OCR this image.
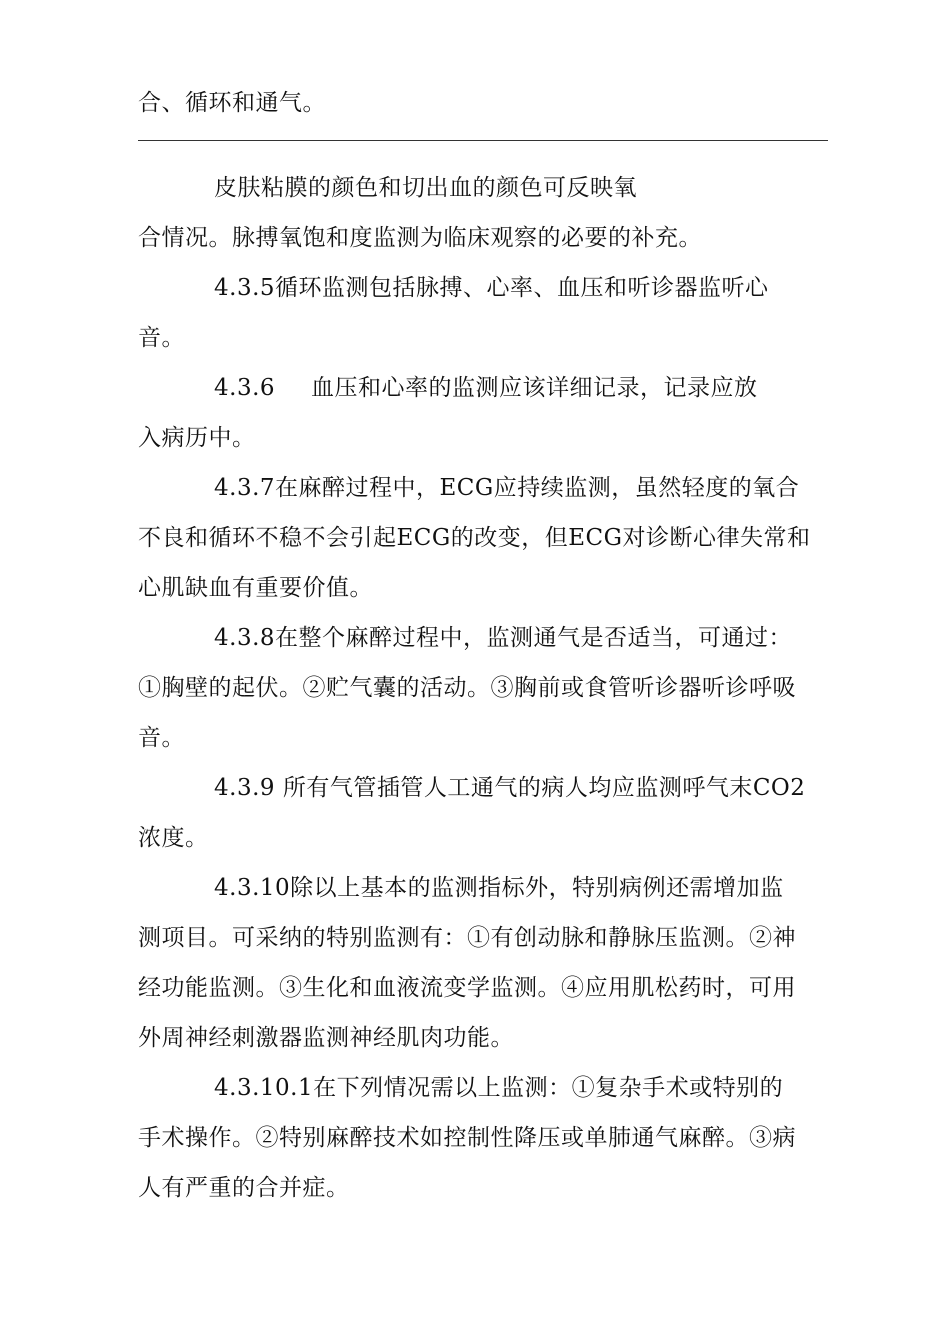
合、循环和通气。
皮肤粘膜的颜色和切出血的颜色可反映氧
合情况。脉搏氧饱和度监测为临床观察的必要的补充。
4.3.5循环监测包括脉搏、心率、血压和听诊器监听心
音。
4.3.6 血压和心率的监测应该详细记录，记录应放
入病历中。
4.3.7在麻醉过程中，ECG应持续监测，虽然轻度的氧合
不良和循环不稳不会引起ECG的改变，但ECG对诊断心律失常和
心肌缺血有重要价值。
4.3.8在整个麻醉过程中，监测通气是否适当，可通过：
①胸壁的起伏。②贮气囊的活动。③胸前或食管听诊器听诊呼吸
音。
4.3.9 所有气管插管人工通气的病人均应监测呼气末CO2
浓度。
4.3.10除以上基本的监测指标外，特别病例还需增加监
测项目。可采纳的特别监测有：①有创动脉和静脉压监测。②神
经功能监测。③生化和血液流变学监测。④应用肌松药时，可用
外周神经刺激器监测神经肌肉功能。
4.3.10.1在下列情况需以上监测：①复杂手术或特别的
手术操作。②特别麻醉技术如控制性降压或单肺通气麻醉。③病
人有严重的合并症。
